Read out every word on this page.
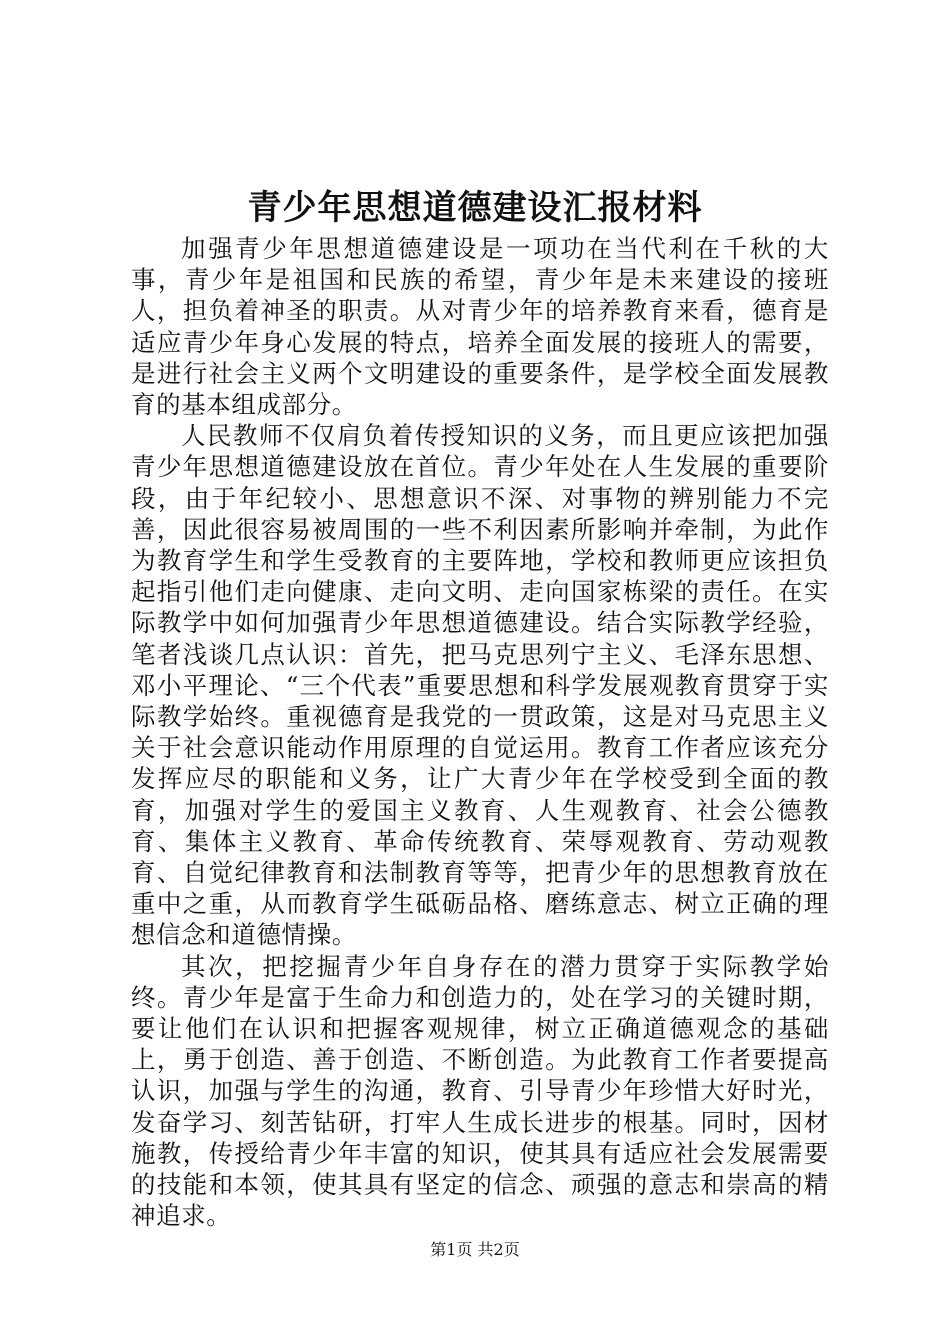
青少年思想道德建设汇报材料

加强青少年思想道德建设是一项功在当代利在千秋的大事，青少年是祖国和民族的希望，青少年是未来建设的接班人，担负着神圣的职责。从对青少年的培养教育来看，德育是适应青少年身心发展的特点，培养全面发展的接班人的需要，是进行社会主义两个文明建设的重要条件，是学校全面发展教育的基本组成部分。

人民教师不仅肩负着传授知识的义务，而且更应该把加强青少年思想道德建设放在首位。青少年处在人生发展的重要阶段，由于年纪较小、思想意识不深、对事物的辨别能力不完善，因此很容易被周围的一些不利因素所影响并牵制，为此作为教育学生和学生受教育的主要阵地，学校和教师更应该担负起指引他们走向健康、走向文明、走向国家栋梁的责任。在实际教学中如何加强青少年思想道德建设。结合实际教学经验，笔者浅谈几点认识：首先，把马克思列宁主义、毛泽东思想、邓小平理论、“三个代表”重要思想和科学发展观教育贯穿于实际教学始终。重视德育是我党的一贯政策，这是对马克思主义关于社会意识能动作用原理的自觉运用。教育工作者应该充分发挥应尽的职能和义务，让广大青少年在学校受到全面的教育，加强对学生的爱国主义教育、人生观教育、社会公德教育、集体主义教育、革命传统教育、荣辱观教育、劳动观教育、自觉纪律教育和法制教育等等，把青少年的思想教育放在重中之重，从而教育学生砥砺品格、磨练意志、树立正确的理想信念和道德情操。

其次，把挖掘青少年自身存在的潜力贯穿于实际教学始终。青少年是富于生命力和创造力的，处在学习的关键时期，要让他们在认识和把握客观规律，树立正确道德观念的基础上，勇于创造、善于创造、不断创造。为此教育工作者要提高认识，加强与学生的沟通，教育、引导青少年珍惜大好时光，发奋学习、刻苦钻研，打牢人生成长进步的根基。同时，因材施教，传授给青少年丰富的知识，使其具有适应社会发展需要的技能和本领，使其具有坚定的信念、顽强的意志和崇高的精神追求。

第1页 共2页
